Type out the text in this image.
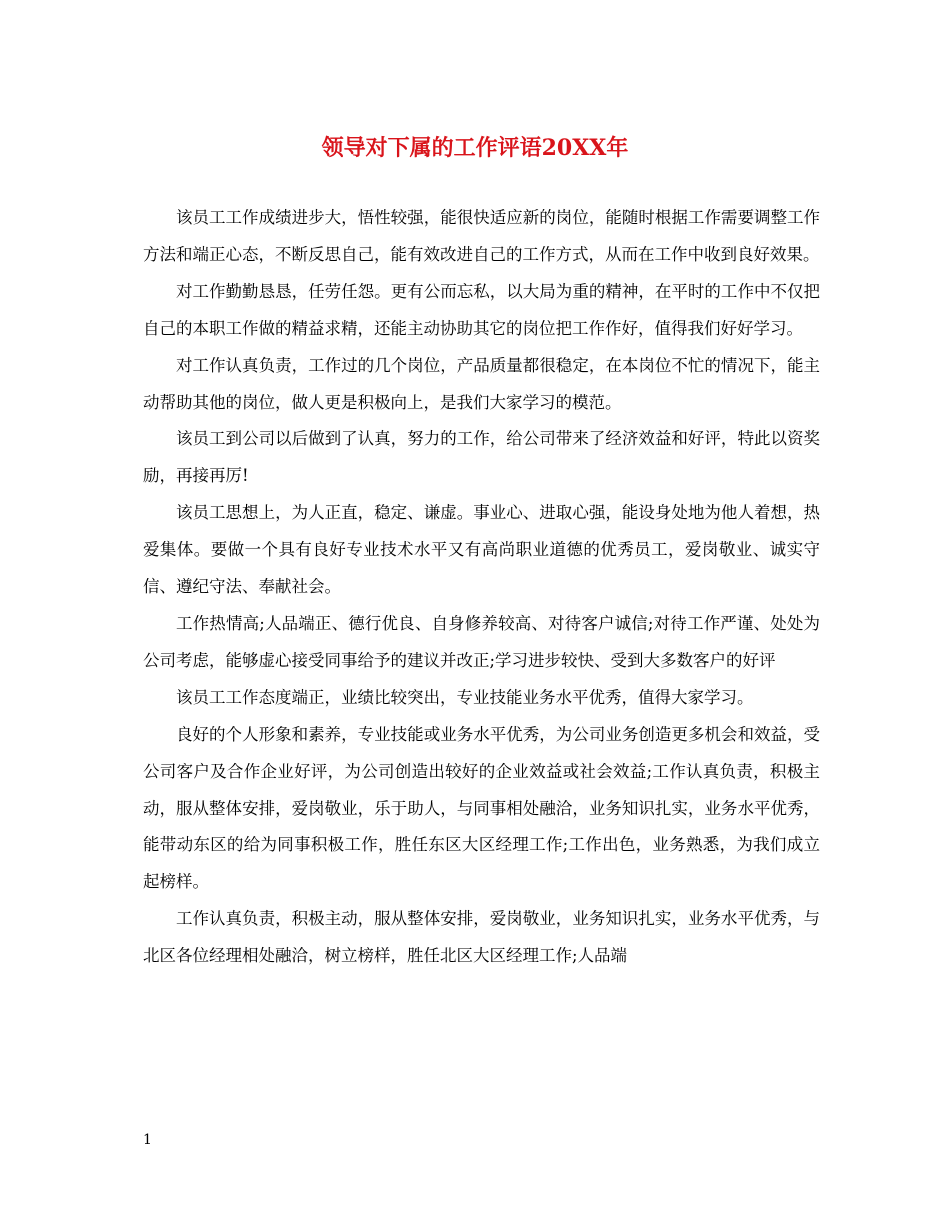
领导对下属的工作评语20XX年

该员工工作成绩进步大，悟性较强，能很快适应新的岗位，能随时根据工作需要调整工作方法和端正心态，不断反思自己，能有效改进自己的工作方式，从而在工作中收到良好效果。

对工作勤勤恳恳，任劳任怨。更有公而忘私，以大局为重的精神，在平时的工作中不仅把自己的本职工作做的精益求精，还能主动协助其它的岗位把工作作好，值得我们好好学习。

对工作认真负责，工作过的几个岗位，产品质量都很稳定，在本岗位不忙的情况下，能主动帮助其他的岗位，做人更是积极向上，是我们大家学习的模范。

该员工到公司以后做到了认真，努力的工作，给公司带来了经济效益和好评，特此以资奖励，再接再厉!

该员工思想上，为人正直，稳定、谦虚。事业心、进取心强，能设身处地为他人着想，热爱集体。要做一个具有良好专业技术水平又有高尚职业道德的优秀员工，爱岗敬业、诚实守信、遵纪守法、奉献社会。

工作热情高;人品端正、德行优良、自身修养较高、对待客户诚信;对待工作严谨、处处为公司考虑，能够虚心接受同事给予的建议并改正;学习进步较快、受到大多数客户的好评

该员工工作态度端正，业绩比较突出，专业技能业务水平优秀，值得大家学习。

良好的个人形象和素养，专业技能或业务水平优秀，为公司业务创造更多机会和效益，受公司客户及合作企业好评，为公司创造出较好的企业效益或社会效益;工作认真负责，积极主动，服从整体安排，爱岗敬业，乐于助人，与同事相处融洽，业务知识扎实，业务水平优秀，能带动东区的给为同事积极工作，胜任东区大区经理工作;工作出色，业务熟悉，为我们成立起榜样。

工作认真负责，积极主动，服从整体安排，爱岗敬业，业务知识扎实，业务水平优秀，与北区各位经理相处融洽，树立榜样，胜任北区大区经理工作;人品端

1
